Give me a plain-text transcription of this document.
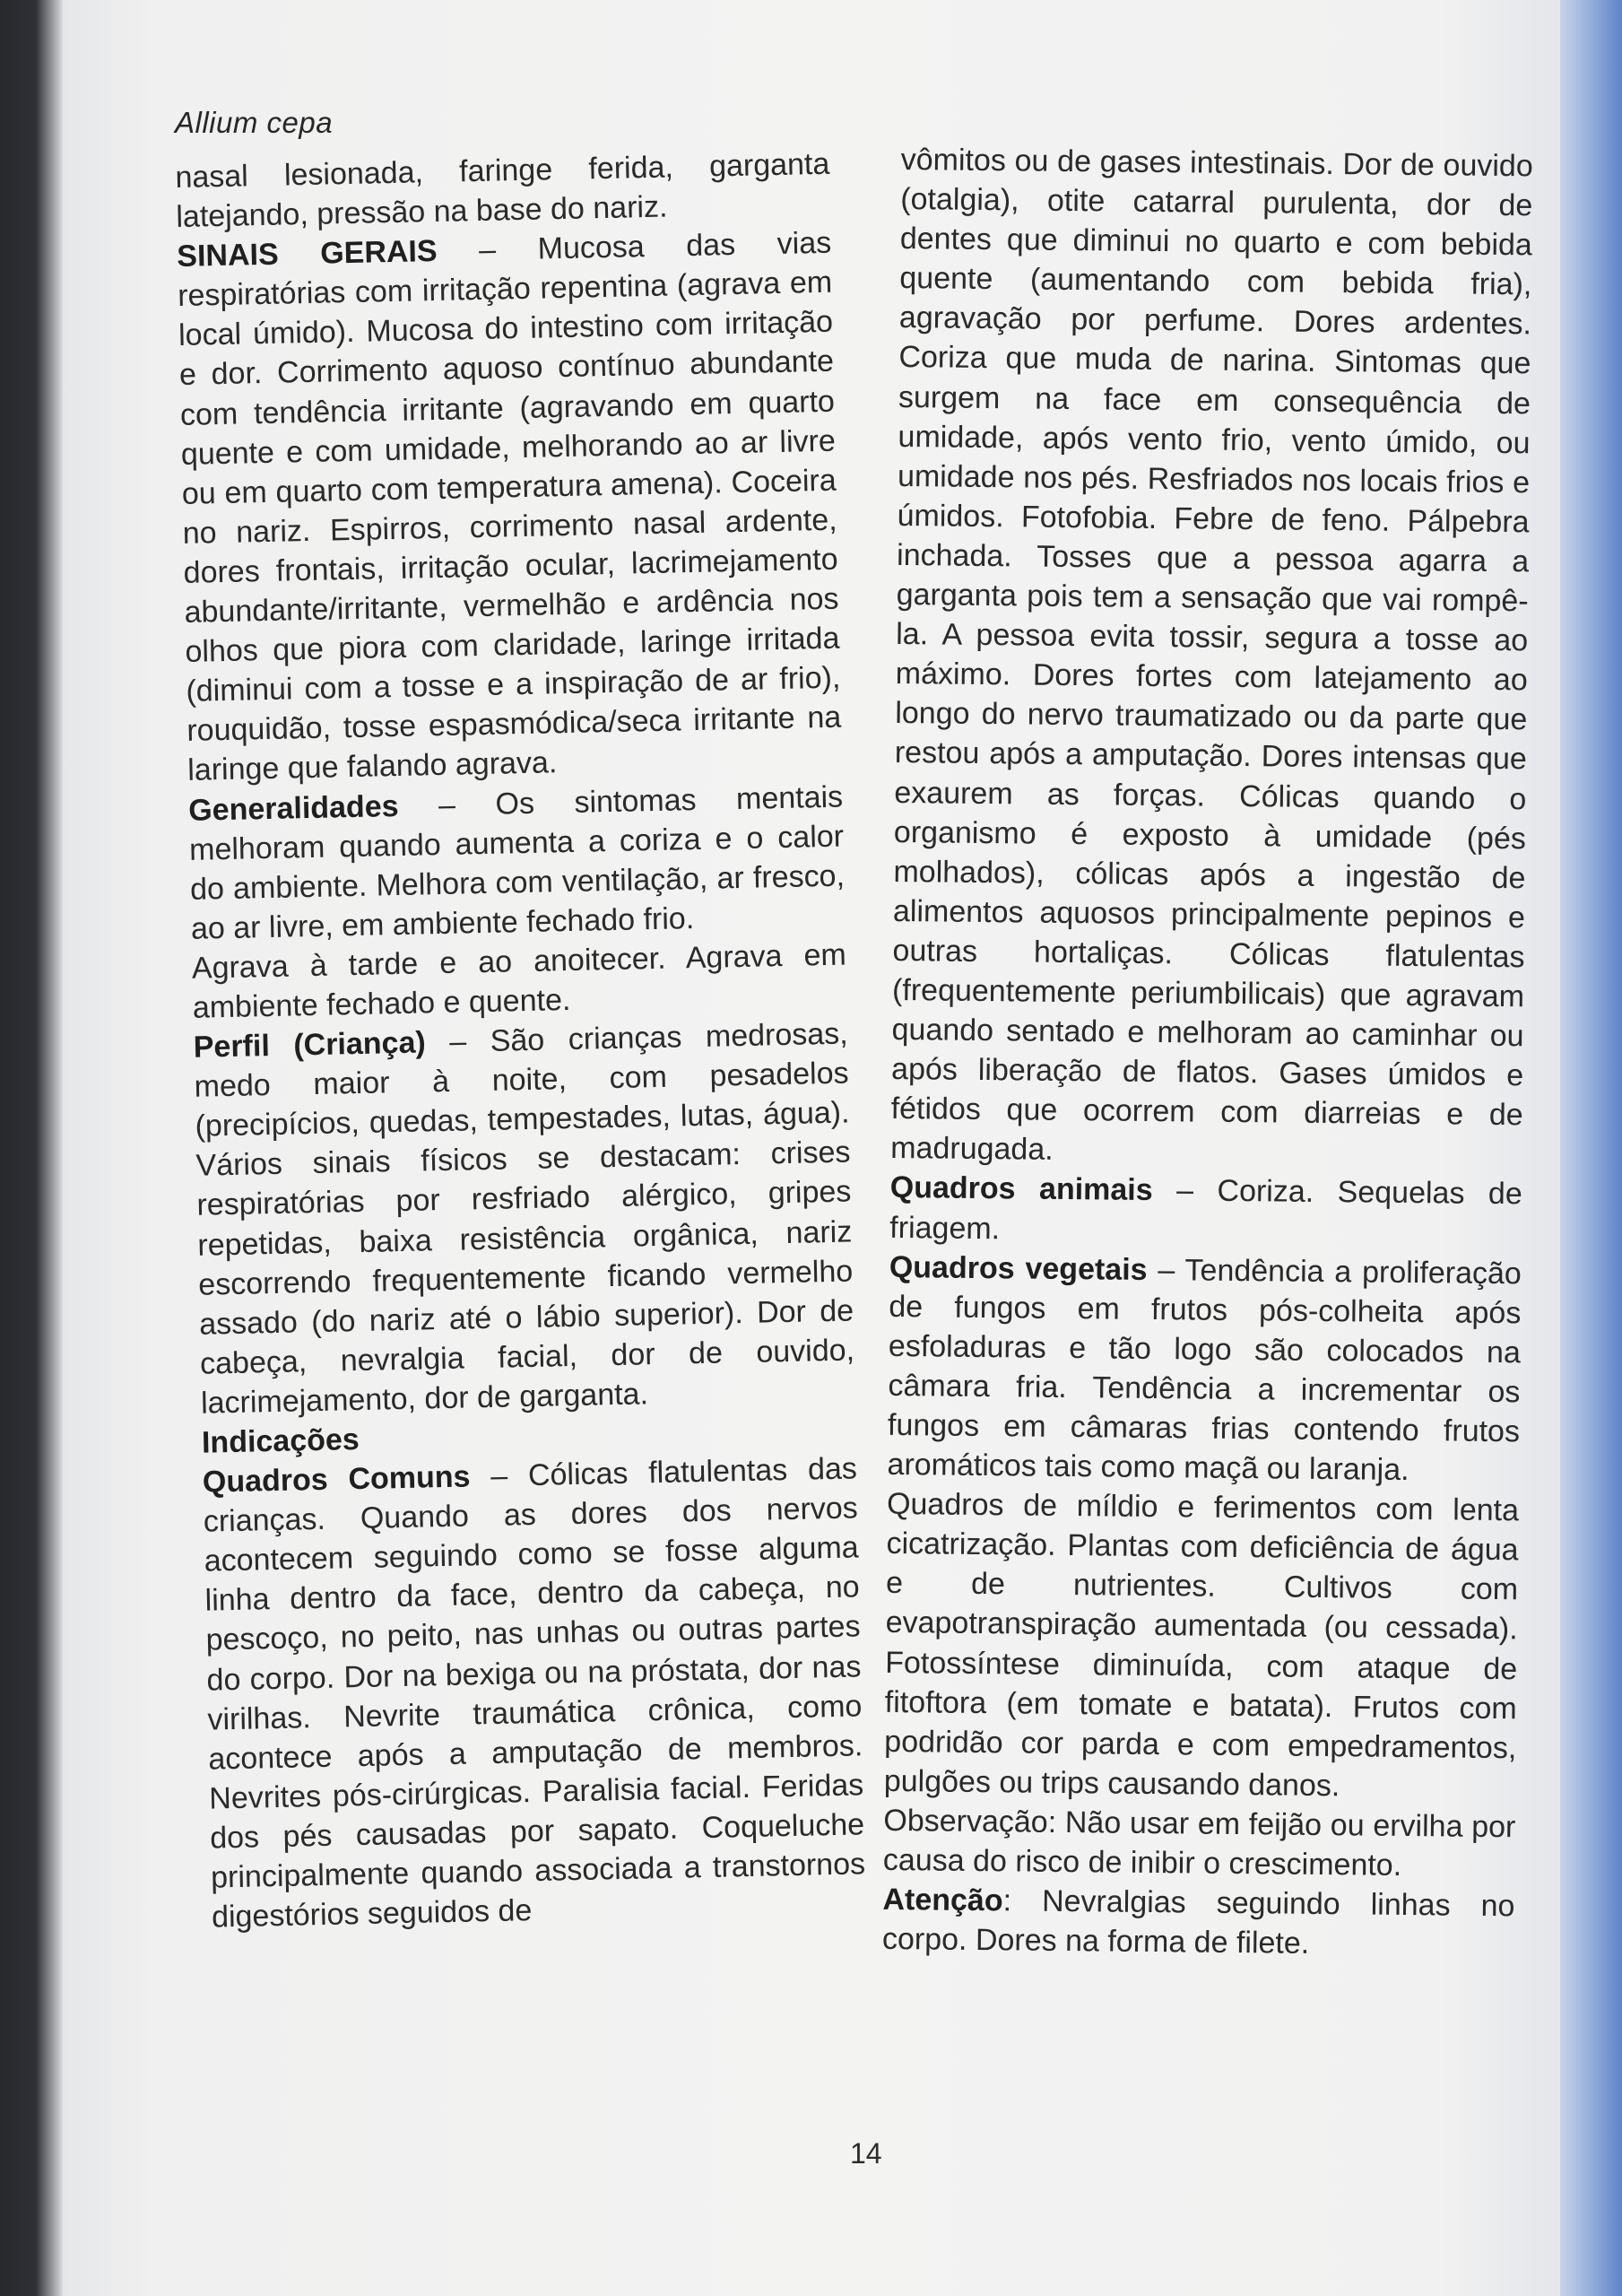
Allium cepa

nasal lesionada, faringe ferida, garganta latejando, pressão na base do nariz.

SINAIS GERAIS – Mucosa das vias respiratórias com irritação repentina (agrava em local úmido). Mucosa do intestino com irritação e dor. Corrimento aquoso contínuo abundante com tendência irritante (agravando em quarto quente e com umidade, melhorando ao ar livre ou em quarto com temperatura amena). Coceira no nariz. Espirros, corrimento nasal ardente, dores frontais, irritação ocular, lacrimejamento abundante/irritante, vermelhão e ardência nos olhos que piora com claridade, laringe irritada (diminui com a tosse e a inspiração de ar frio), rouquidão, tosse espasmódica/seca irritante na laringe que falando agrava.

Generalidades – Os sintomas mentais melhoram quando aumenta a coriza e o calor do ambiente. Melhora com ventilação, ar fresco, ao ar livre, em ambiente fechado frio.

Agrava à tarde e ao anoitecer. Agrava em ambiente fechado e quente.

Perfil (Criança) – São crianças medrosas, medo maior à noite, com pesadelos (precipícios, quedas, tempestades, lutas, água). Vários sinais físicos se destacam: crises respiratórias por resfriado alérgico, gripes repetidas, baixa resistência orgânica, nariz escorrendo frequentemente ficando vermelho assado (do nariz até o lábio superior). Dor de cabeça, nevralgia facial, dor de ouvido, lacrimejamento, dor de garganta.

Indicações

Quadros Comuns – Cólicas flatulentas das crianças. Quando as dores dos nervos acontecem seguindo como se fosse alguma linha dentro da face, dentro da cabeça, no pescoço, no peito, nas unhas ou outras partes do corpo. Dor na bexiga ou na próstata, dor nas virilhas. Nevrite traumática crônica, como acontece após a amputação de membros. Nevrites pós-cirúrgicas. Paralisia facial. Feridas dos pés causadas por sapato. Coqueluche principalmente quando associada a transtornos digestórios seguidos de

vômitos ou de gases intestinais. Dor de ouvido (otalgia), otite catarral purulenta, dor de dentes que diminui no quarto e com bebida quente (aumentando com bebida fria), agravação por perfume. Dores ardentes. Coriza que muda de narina. Sintomas que surgem na face em consequência de umidade, após vento frio, vento úmido, ou umidade nos pés. Resfriados nos locais frios e úmidos. Fotofobia. Febre de feno. Pálpebra inchada. Tosses que a pessoa agarra a garganta pois tem a sensação que vai rompê-la. A pessoa evita tossir, segura a tosse ao máximo. Dores fortes com latejamento ao longo do nervo traumatizado ou da parte que restou após a amputação. Dores intensas que exaurem as forças. Cólicas quando o organismo é exposto à umidade (pés molhados), cólicas após a ingestão de alimentos aquosos principalmente pepinos e outras hortaliças. Cólicas flatulentas (frequentemente periumbilicais) que agravam quando sentado e melhoram ao caminhar ou após liberação de flatos. Gases úmidos e fétidos que ocorrem com diarreias e de madrugada.

Quadros animais – Coriza. Sequelas de friagem.

Quadros vegetais – Tendência a proliferação de fungos em frutos pós-colheita após esfoladuras e tão logo são colocados na câmara fria. Tendência a incrementar os fungos em câmaras frias contendo frutos aromáticos tais como maçã ou laranja.

Quadros de míldio e ferimentos com lenta cicatrização. Plantas com deficiência de água e de nutrientes. Cultivos com evapotranspiração aumentada (ou cessada). Fotossíntese diminuída, com ataque de fitoftora (em tomate e batata). Frutos com podridão cor parda e com empedramentos, pulgões ou trips causando danos.

Observação: Não usar em feijão ou ervilha por causa do risco de inibir o crescimento.

Atenção: Nevralgias seguindo linhas no corpo. Dores na forma de filete.

14
